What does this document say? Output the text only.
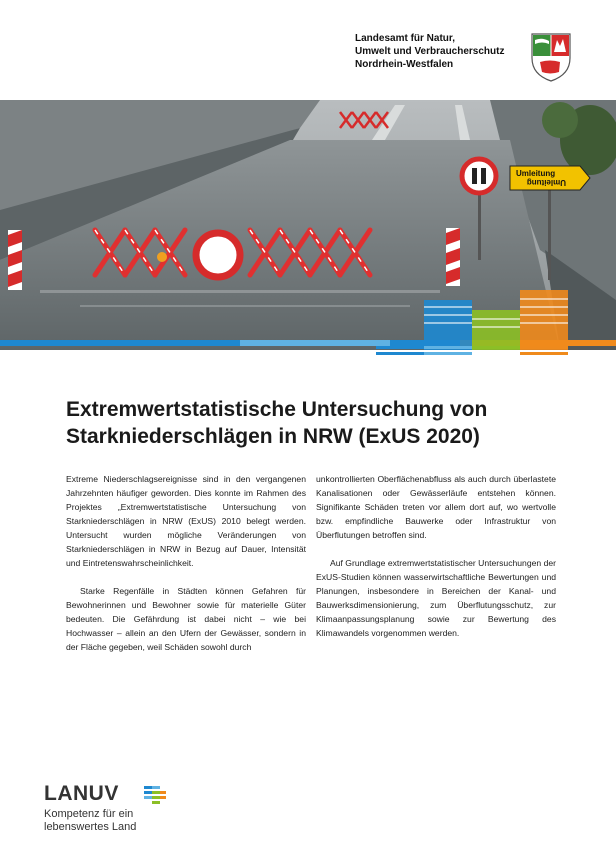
Landesamt für Natur,
Umwelt und Verbraucherschutz
Nordrhein-Westfalen
Umleitung
Umleitung
Extremwertstatistische Untersuchung von
Starkniederschlägen in NRW (ExUS 2020)

Extreme Niederschlagsereignisse sind in den vergangenen Jahrzehnten häufiger geworden. Dies konnte im Rahmen des Projektes „Extremwertstatistische Untersuchung von Starkniederschlägen in NRW (ExUS) 2010 belegt werden. Untersucht wurden mögliche Veränderungen von Starkniederschlägen in NRW in Bezug auf Dauer, Intensität und Eintretenswahrscheinlichkeit.

Starke Regenfälle in Städten können Gefahren für Bewohnerinnen und Bewohner sowie für materielle Güter bedeuten. Die Gefährdung ist dabei nicht – wie bei Hochwasser – allein an den Ufern der Gewässer, sondern in der Fläche gegeben, weil Schäden sowohl durch

unkontrollierten Oberflächenabfluss als auch durch überlastete Kanalisationen oder Gewässerläufe entstehen können. Signifikante Schäden treten vor allem dort auf, wo wertvolle bzw. empfindliche Bauwerke oder Infrastruktur von Überflutungen betroffen sind.

Auf Grundlage extremwertstatistischer Untersuchungen der ExUS-Studien können wasserwirtschaftliche Bewertungen und Planungen, insbesondere in Bereichen der Kanal- und Bauwerksdimensionierung, zum Überflutungsschutz, zur Klimaanpassungsplanung sowie zur Bewertung des Klimawandels vorgenommen werden.

LANUV
Kompetenz für ein
lebenswertes Land
